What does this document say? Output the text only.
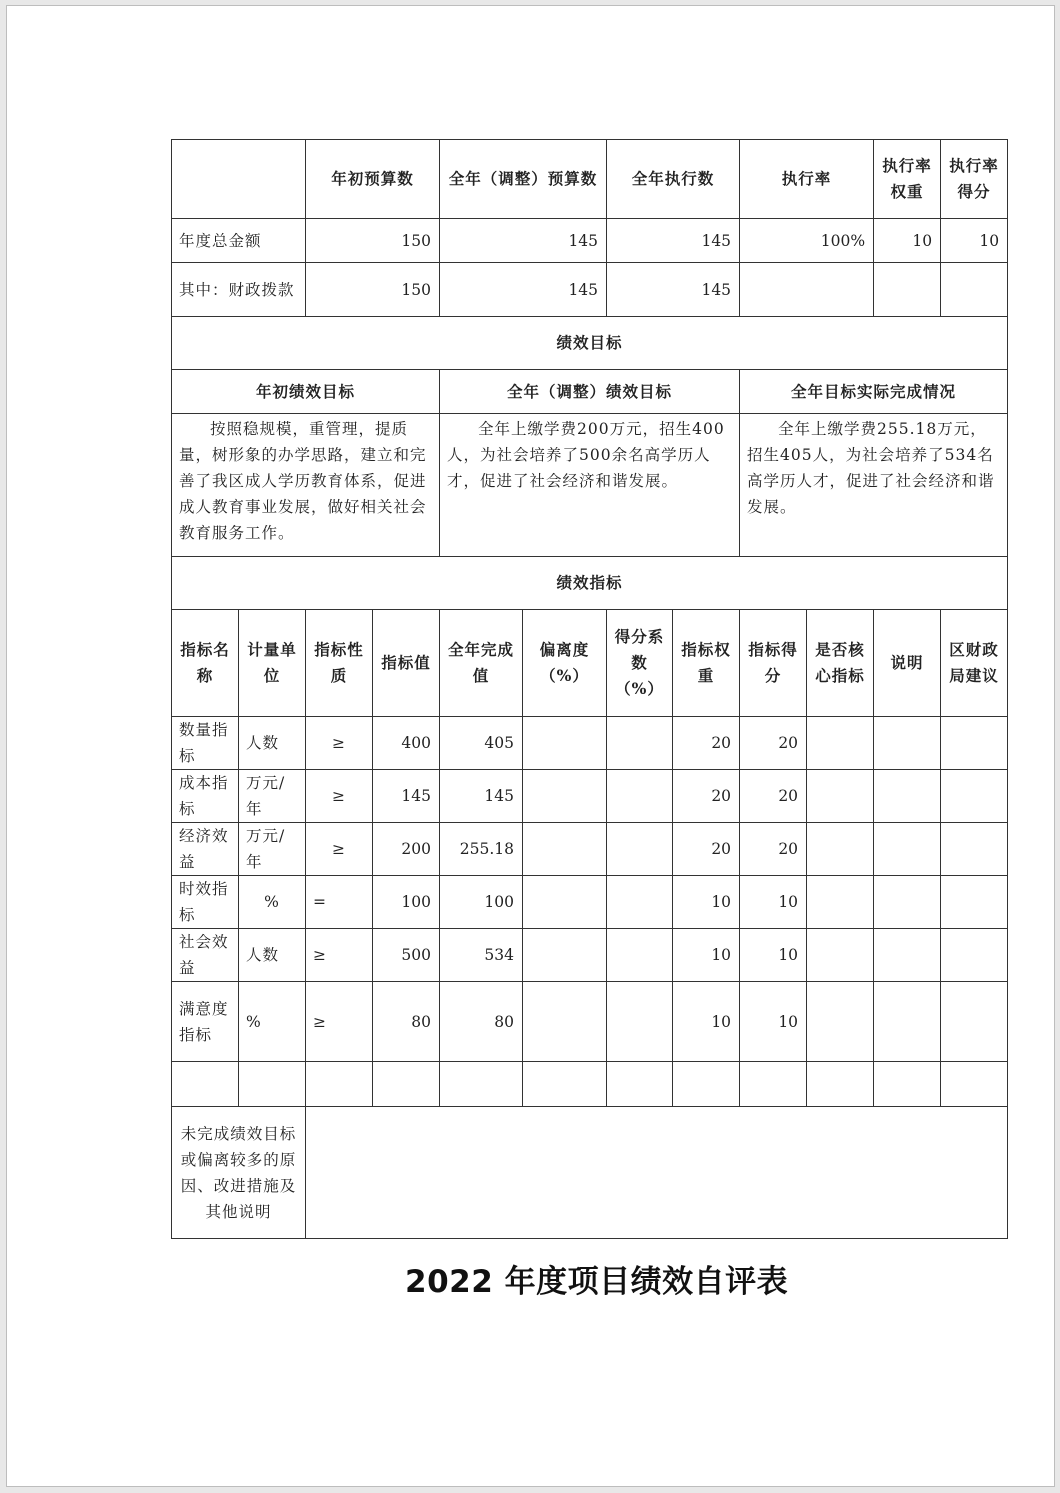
		年初预算数		全年（调整）预算数		全年执行数		执行率		执行率权重	执行率得分
年度总金额		150		145		145		100%		10	10
其中：财政拨款		150		145		145					
绩效目标											
年初绩效目标				全年（调整）绩效目标				全年目标实际完成情况			
按照稳规模，重管理，提质量，树形象的办学思路，建立和完善了我区成人学历教育体系，促进成人教育事业发展，做好相关社会教育服务工作。				全年上缴学费200万元，招生400人，为社会培养了500余名高学历人才，促进了社会经济和谐发展。				全年上缴学费255.18万元，招生405人，为社会培养了534名高学历人才，促进了社会经济和谐发展。			
绩效指标											
指标名称	计量单位	指标性质	指标值	全年完成值	偏离度（%）	得分系数（%）	指标权重	指标得分	是否核心指标	说明	区财政局建议
数量指标	人数	≥	400	405			20	20			
成本指标	万元/年	≥	145	145			20	20			
经济效益	万元/年	≥	200	255.18			20	20			
时效指标	%	=	100	100			10	10			
社会效益	人数	≥	500	534			10	10			
满意度指标	%	≥	80	80			10	10			

未完成绩效目标或偏离较多的原因、改进措施及其他说明											
2022 年度项目绩效自评表
